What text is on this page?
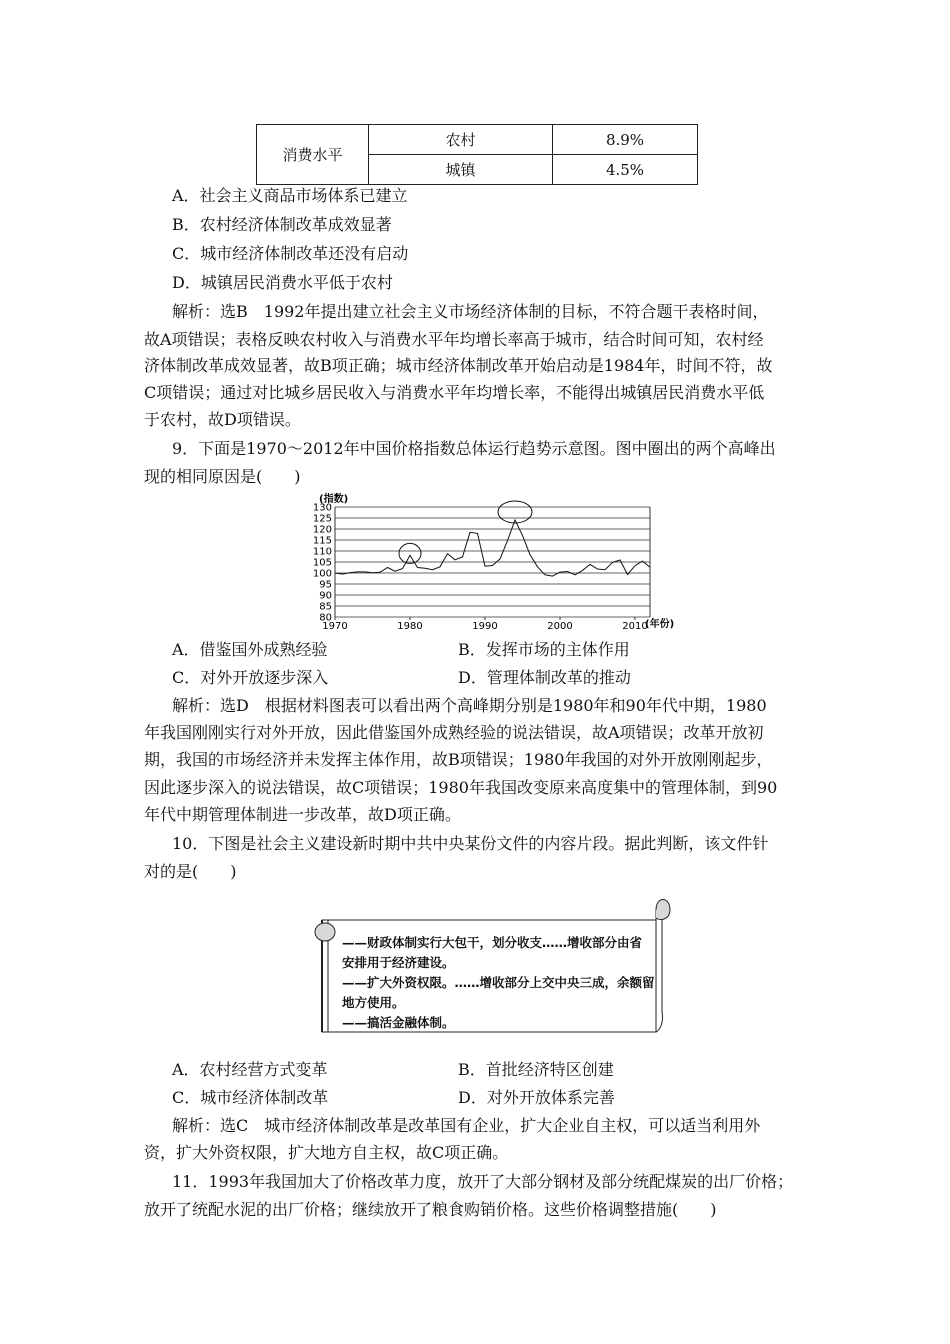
消费水平	农村	8.9%
	城镇	4.5%
A．社会主义商品市场体系已建立
B．农村经济体制改革成效显著
C．城市经济体制改革还没有启动
D．城镇居民消费水平低于农村
解析：选B　1992年提出建立社会主义市场经济体制的目标，不符合题干表格时间，
故A项错误；表格反映农村收入与消费水平年均增长率高于城市，结合时间可知，农村经
济体制改革成效显著，故B项正确；城市经济体制改革开始启动是1984年，时间不符，故
C项错误；通过对比城乡居民收入与消费水平年均增长率，不能得出城镇居民消费水平低
于农村，故D项错误。
9．下面是1970～2012年中国价格指数总体运行趋势示意图。图中圈出的两个高峰出
现的相同原因是(　　)
80
85
90
95
100
105
110
115
120
125
130
1970	1980	1990	2000	2010
(指数)
(年份)
A．借鉴国外成熟经验	B．发挥市场的主体作用
C．对外开放逐步深入	D．管理体制改革的推动
解析：选D　根据材料图表可以看出两个高峰期分别是1980年和90年代中期，1980
年我国刚刚实行对外开放，因此借鉴国外成熟经验的说法错误，故A项错误；改革开放初
期，我国的市场经济并未发挥主体作用，故B项错误；1980年我国的对外开放刚刚起步，
因此逐步深入的说法错误，故C项错误；1980年我国改变原来高度集中的管理体制，到90
年代中期管理体制进一步改革，故D项正确。
10．下图是社会主义建设新时期中共中央某份文件的内容片段。据此判断，该文件针
对的是(　　)
——财政体制实行大包干，划分收支……增收部分由省
安排用于经济建设。
——扩大外资权限。……增收部分上交中央三成，余额留
地方使用。
——搞活金融体制。
A．农村经营方式变革	B．首批经济特区创建
C．城市经济体制改革	D．对外开放体系完善
解析：选C　城市经济体制改革是改革国有企业，扩大企业自主权，可以适当利用外
资，扩大外资权限，扩大地方自主权，故C项正确。
11．1993年我国加大了价格改革力度，放开了大部分钢材及部分统配煤炭的出厂价格；
放开了统配水泥的出厂价格；继续放开了粮食购销价格。这些价格调整措施(　　)
